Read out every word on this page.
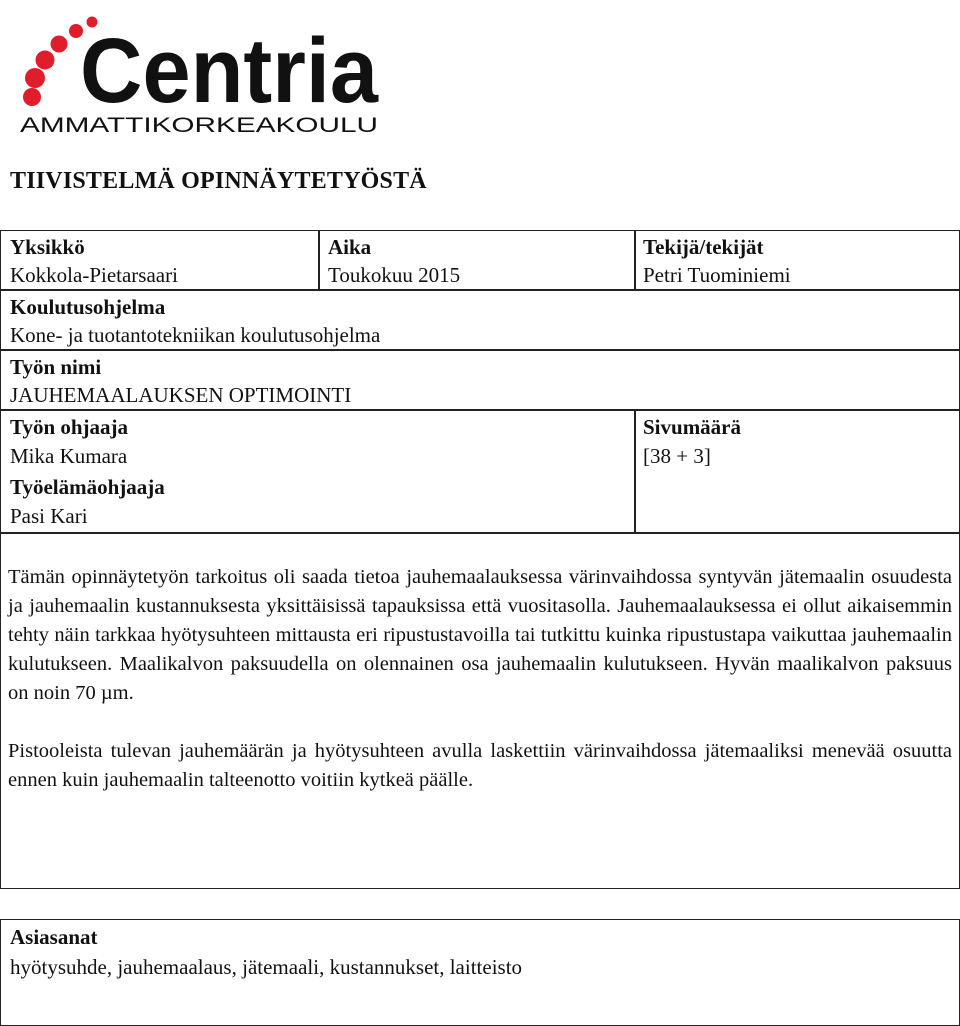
Centria
AMMATTIKORKEAKOULU
TIIVISTELMÄ OPINNÄYTETYÖSTÄ
Yksikkö
Kokkola-Pietarsaari
Aika
Toukokuu 2015
Tekijä/tekijät
Petri Tuominiemi
Koulutusohjelma
Kone- ja tuotantotekniikan koulutusohjelma
Työn nimi
JAUHEMAALAUKSEN OPTIMOINTI
Työn ohjaaja
Mika Kumara
Työelämäohjaaja
Pasi Kari
Sivumäärä
[38 + 3]

Tämän opinnäytetyön tarkoitus oli saada tietoa jauhemaalauksessa värinvaihdossa syntyvän jätemaalin osuudesta ja jauhemaalin kustannuksesta yksittäisissä tapauksissa että vuositasolla. Jauhemaalauksessa ei ollut aikaisemmin tehty näin tarkkaa hyötysuhteen mittausta eri ripustustavoilla tai tutkittu kuinka ripustustapa vaikuttaa jauhemaalin kulutukseen. Maalikalvon paksuudella on olennainen osa jauhemaalin kulutukseen. Hyvän maalikalvon paksuus on noin 70 µm.

Pistooleista tulevan jauhemäärän ja hyötysuhteen avulla laskettiin värinvaihdossa jätemaaliksi menevää osuutta ennen kuin jauhemaalin talteenotto voitiin kytkeä päälle.

Asiasanat
hyötysuhde, jauhemaalaus, jätemaali, kustannukset, laitteisto
